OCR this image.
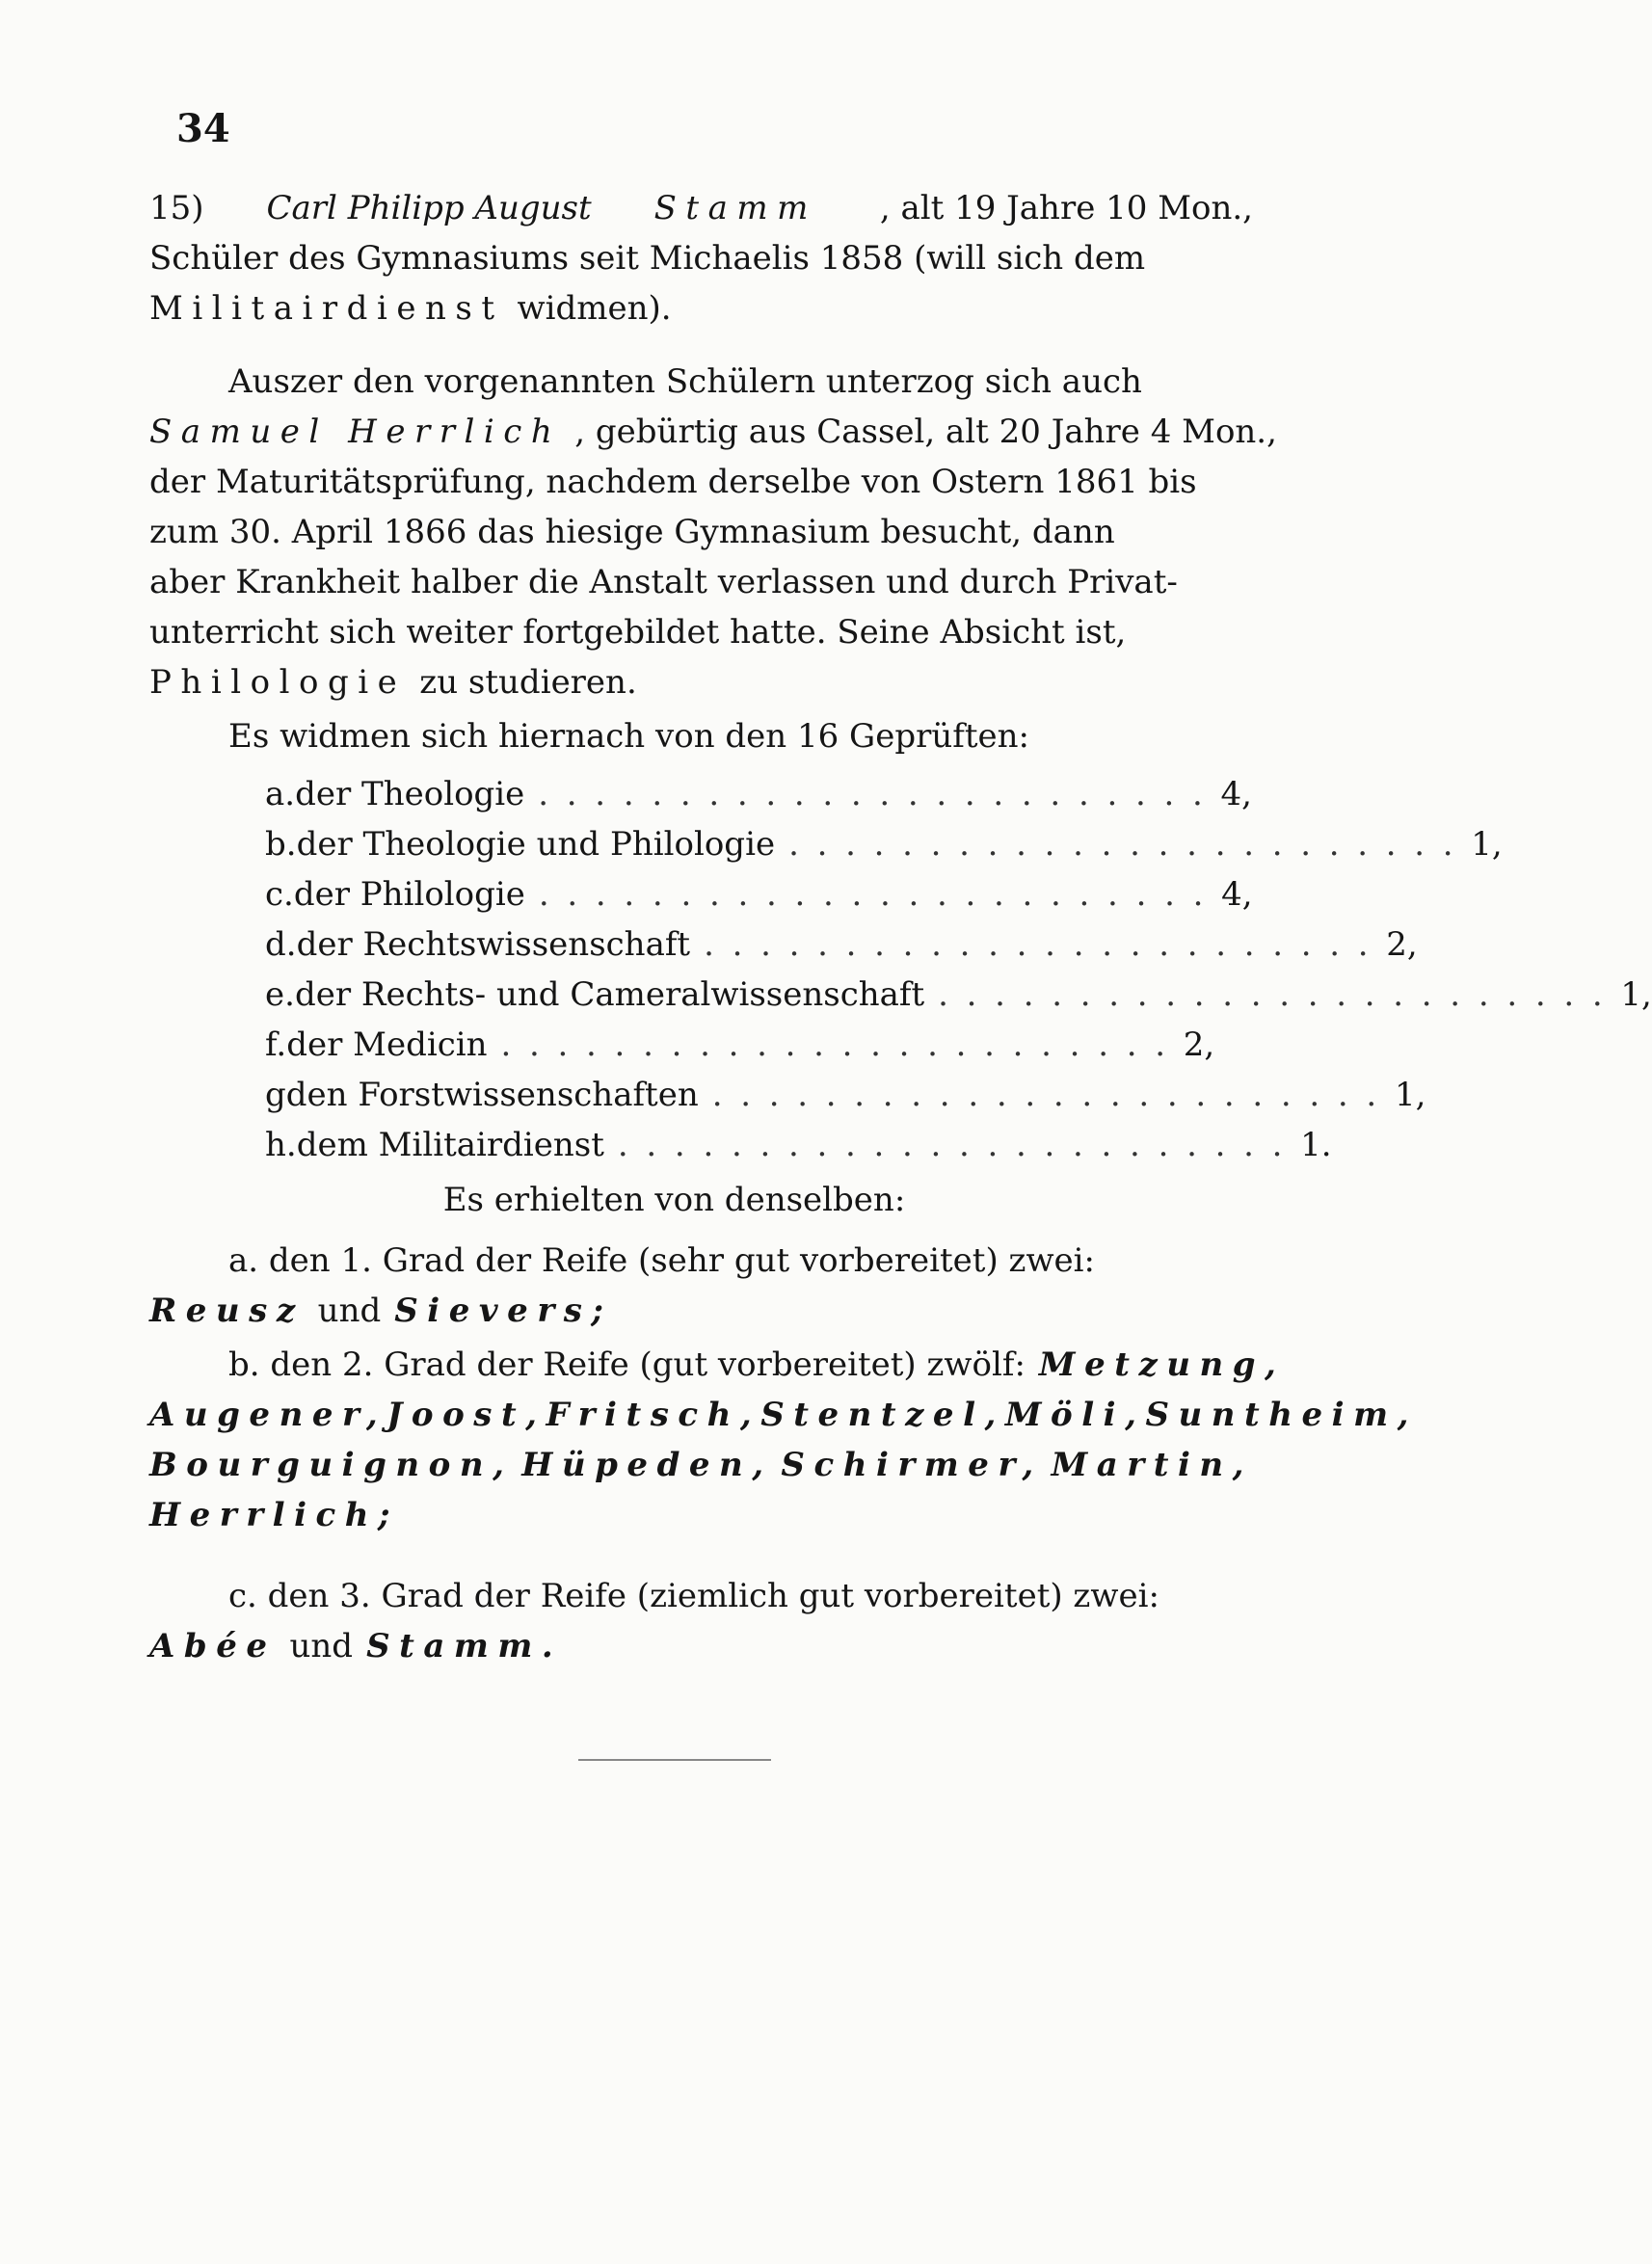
34
15) Carl Philipp August Stamm , alt 19 Jahre 10 Mon.,
Schüler des Gymnasiums seit Michaelis 1858 (will sich dem
Militairdienst widmen).
Auszer den vorgenannten Schülern unterzog sich auch
Samuel Herrlich , gebürtig aus Cassel, alt 20 Jahre 4 Mon.,
der Maturitätsprüfung, nachdem derselbe von Ostern 1861 bis
zum 30. April 1866 das hiesige Gymnasium besucht, dann
aber Krankheit halber die Anstalt verlassen und durch Privat-
unterricht sich weiter fortgebildet hatte. Seine Absicht ist,
Philologie zu studieren.
Es widmen sich hiernach von den 16 Geprüften:
a. der Theologie ........................ 4,
b. der Theologie und Philologie ........................ 1,
c. der Philologie ........................ 4,
d. der Rechtswissenschaft ........................ 2,
e. der Rechts- und Cameralwissenschaft ........................ 1,
f. der Medicin ........................ 2,
g den Forstwissenschaften ........................ 1,
h. dem Militairdienst ........................ 1.
Es erhielten von denselben:
a. den 1. Grad der Reife (sehr gut vorbereitet) zwei:
Reusz und Sievers;
b. den 2. Grad der Reife (gut vorbereitet) zwölf: Metzung,
Augener, Joost, Fritsch, Stentzel, Möli, Suntheim,
Bourguignon, Hüpeden, Schirmer, Martin,
Herrlich;
c. den 3. Grad der Reife (ziemlich gut vorbereitet) zwei:
Abée und Stamm.
